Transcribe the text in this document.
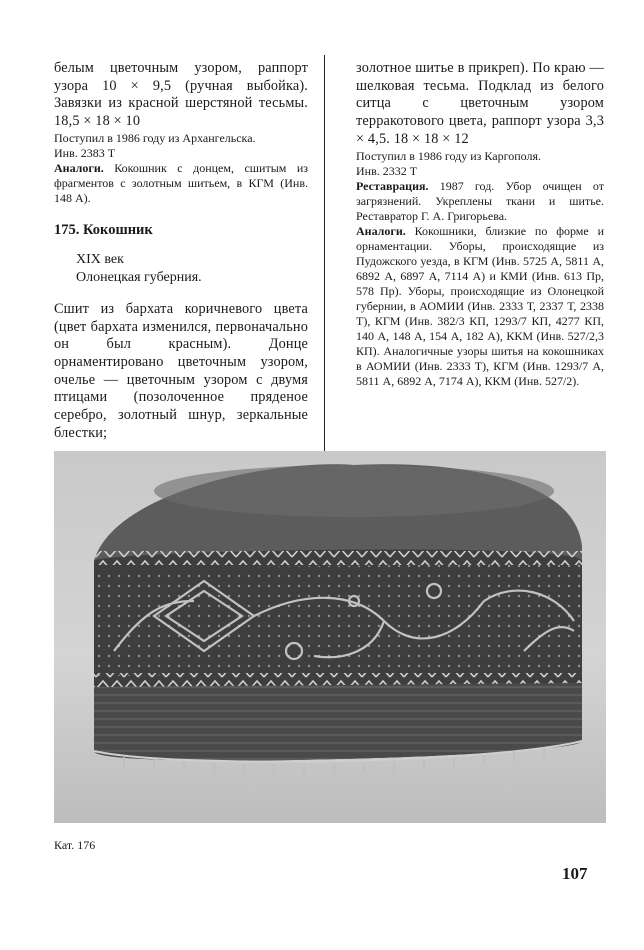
белым цветочным узором, раппорт узора 10 × 9,5 (ручная выбойка). Завязки из красной шерстяной тесьмы. 18,5 × 18 × 10

Поступил в 1986 году из Архангельска.

Инв. 2383 Т

Аналоги. Кокошник с донцем, сшитым из фрагментов с золотным шитьем, в КГМ (Инв. 148 А).

175. Кокошник

XIX век

Олонецкая губерния.

Сшит из бархата коричневого цвета (цвет бархата изменился, первоначально он был красным). Донце орнаментировано цветочным узором, очелье — цветочным узором с двумя птицами (позолоченное пряденое серебро, золотный шнур, зеркальные блестки;

золотное шитье в прикреп). По краю — шелковая тесьма. Подклад из белого ситца с цветочным узором терракотового цвета, раппорт узора 3,3 × 4,5. 18 × 18 × 12

Поступил в 1986 году из Каргополя.

Инв. 2332 Т

Реставрация. 1987 год. Убор очищен от загрязнений. Укреплены ткани и шитье. Реставратор Г. А. Григорьева.

Аналоги. Кокошники, близкие по форме и орнаментации. Уборы, происходящие из Пудожского уезда, в КГМ (Инв. 5725 А, 5811 А, 6892 А, 6897 А, 7114 А) и КМИ (Инв. 613 Пр, 578 Пр). Уборы, происходящие из Олонецкой губернии, в АОМИИ (Инв. 2333 Т, 2337 Т, 2338 Т), КГМ (Инв. 382/3 КП, 1293/7 КП, 4277 КП, 140 А, 148 А, 154 А, 182 А), ККМ (Инв. 527/2,3 КП). Аналогичные узоры шитья на кокошниках в АОМИИ (Инв. 2333 Т), КГМ (Инв. 1293/7 А, 5811 А, 6892 А, 7174 А), ККМ (Инв. 527/2).

Кат. 176
107
